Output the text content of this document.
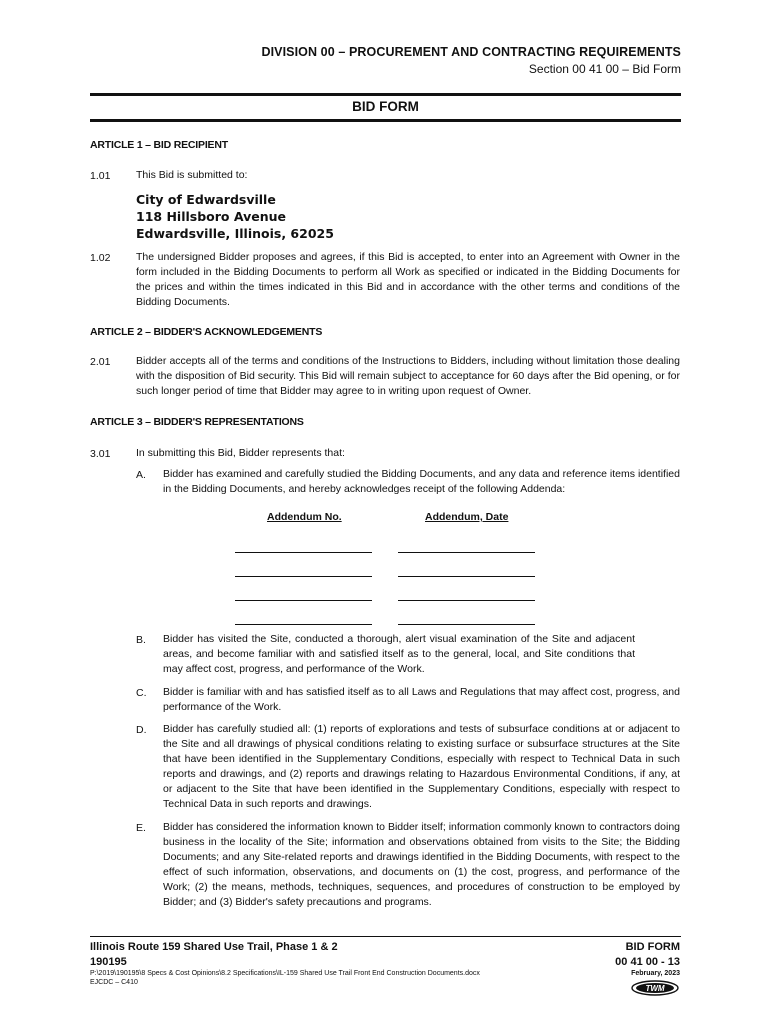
DIVISION 00 – PROCUREMENT AND CONTRACTING REQUIREMENTS
Section 00 41 00 – Bid Form
BID FORM
ARTICLE 1 – BID RECIPIENT
1.01 This Bid is submitted to:
City of Edwardsville
118 Hillsboro Avenue
Edwardsville, Illinois, 62025
1.02 The undersigned Bidder proposes and agrees, if this Bid is accepted, to enter into an Agreement with Owner in the form included in the Bidding Documents to perform all Work as specified or indicated in the Bidding Documents for the prices and within the times indicated in this Bid and in accordance with the other terms and conditions of the Bidding Documents.
ARTICLE 2 – BIDDER'S ACKNOWLEDGEMENTS
2.01 Bidder accepts all of the terms and conditions of the Instructions to Bidders, including without limitation those dealing with the disposition of Bid security. This Bid will remain subject to acceptance for 60 days after the Bid opening, or for such longer period of time that Bidder may agree to in writing upon request of Owner.
ARTICLE 3 – BIDDER'S REPRESENTATIONS
3.01 In submitting this Bid, Bidder represents that:
A. Bidder has examined and carefully studied the Bidding Documents, and any data and reference items identified in the Bidding Documents, and hereby acknowledges receipt of the following Addenda:
Addendum No.	Addendum, Date
B. Bidder has visited the Site, conducted a thorough, alert visual examination of the Site and adjacent areas, and become familiar with and satisfied itself as to the general, local, and Site conditions that may affect cost, progress, and performance of the Work.
C. Bidder is familiar with and has satisfied itself as to all Laws and Regulations that may affect cost, progress, and performance of the Work.
D. Bidder has carefully studied all: (1) reports of explorations and tests of subsurface conditions at or adjacent to the Site and all drawings of physical conditions relating to existing surface or subsurface structures at the Site that have been identified in the Supplementary Conditions, especially with respect to Technical Data in such reports and drawings, and (2) reports and drawings relating to Hazardous Environmental Conditions, if any, at or adjacent to the Site that have been identified in the Supplementary Conditions, especially with respect to Technical Data in such reports and drawings.
E. Bidder has considered the information known to Bidder itself; information commonly known to contractors doing business in the locality of the Site; information and observations obtained from visits to the Site; the Bidding Documents; and any Site-related reports and drawings identified in the Bidding Documents, with respect to the effect of such information, observations, and documents on (1) the cost, progress, and performance of the Work; (2) the means, methods, techniques, sequences, and procedures of construction to be employed by Bidder; and (3) Bidder's safety precautions and programs.
Illinois Route 159 Shared Use Trail, Phase 1 & 2
190195
P:\2019\190195\8 Specs & Cost Opinions\8.2 Specifications\IL-159 Shared Use Trail Front End Construction Documents.docx
EJCDC – C410
BID FORM
00 41 00 - 13
February, 2023
TWM
